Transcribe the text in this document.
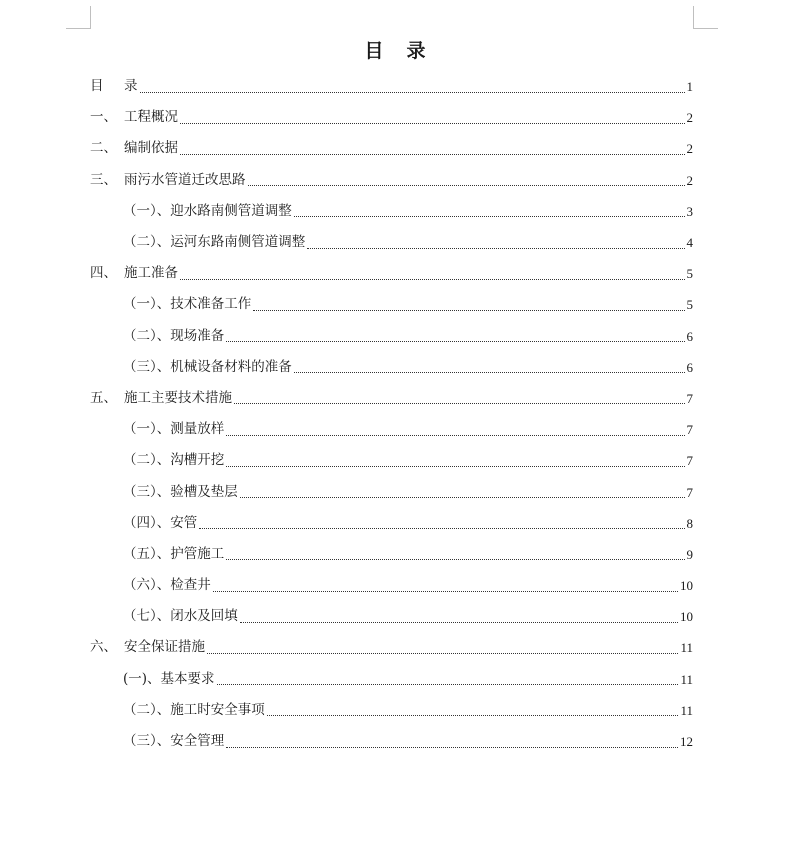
目 录
目 录	1
一、 工程概况	2
二、 编制依据	2
三、 雨污水管道迁改思路	2
（一）、迎水路南侧管道调整	3
（二）、运河东路南侧管道调整	4
四、 施工准备	5
（一）、技术准备工作	5
（二）、现场准备	6
（三）、机械设备材料的准备	6
五、 施工主要技术措施	7
（一）、测量放样	7
（二）、沟槽开挖	7
（三）、验槽及垫层	7
（四）、安管	8
（五）、护管施工	9
（六）、检查井	10
（七）、闭水及回填	10
六、 安全保证措施	11
(一)、基本要求	11
（二）、施工时安全事项	11
（三）、安全管理	12
